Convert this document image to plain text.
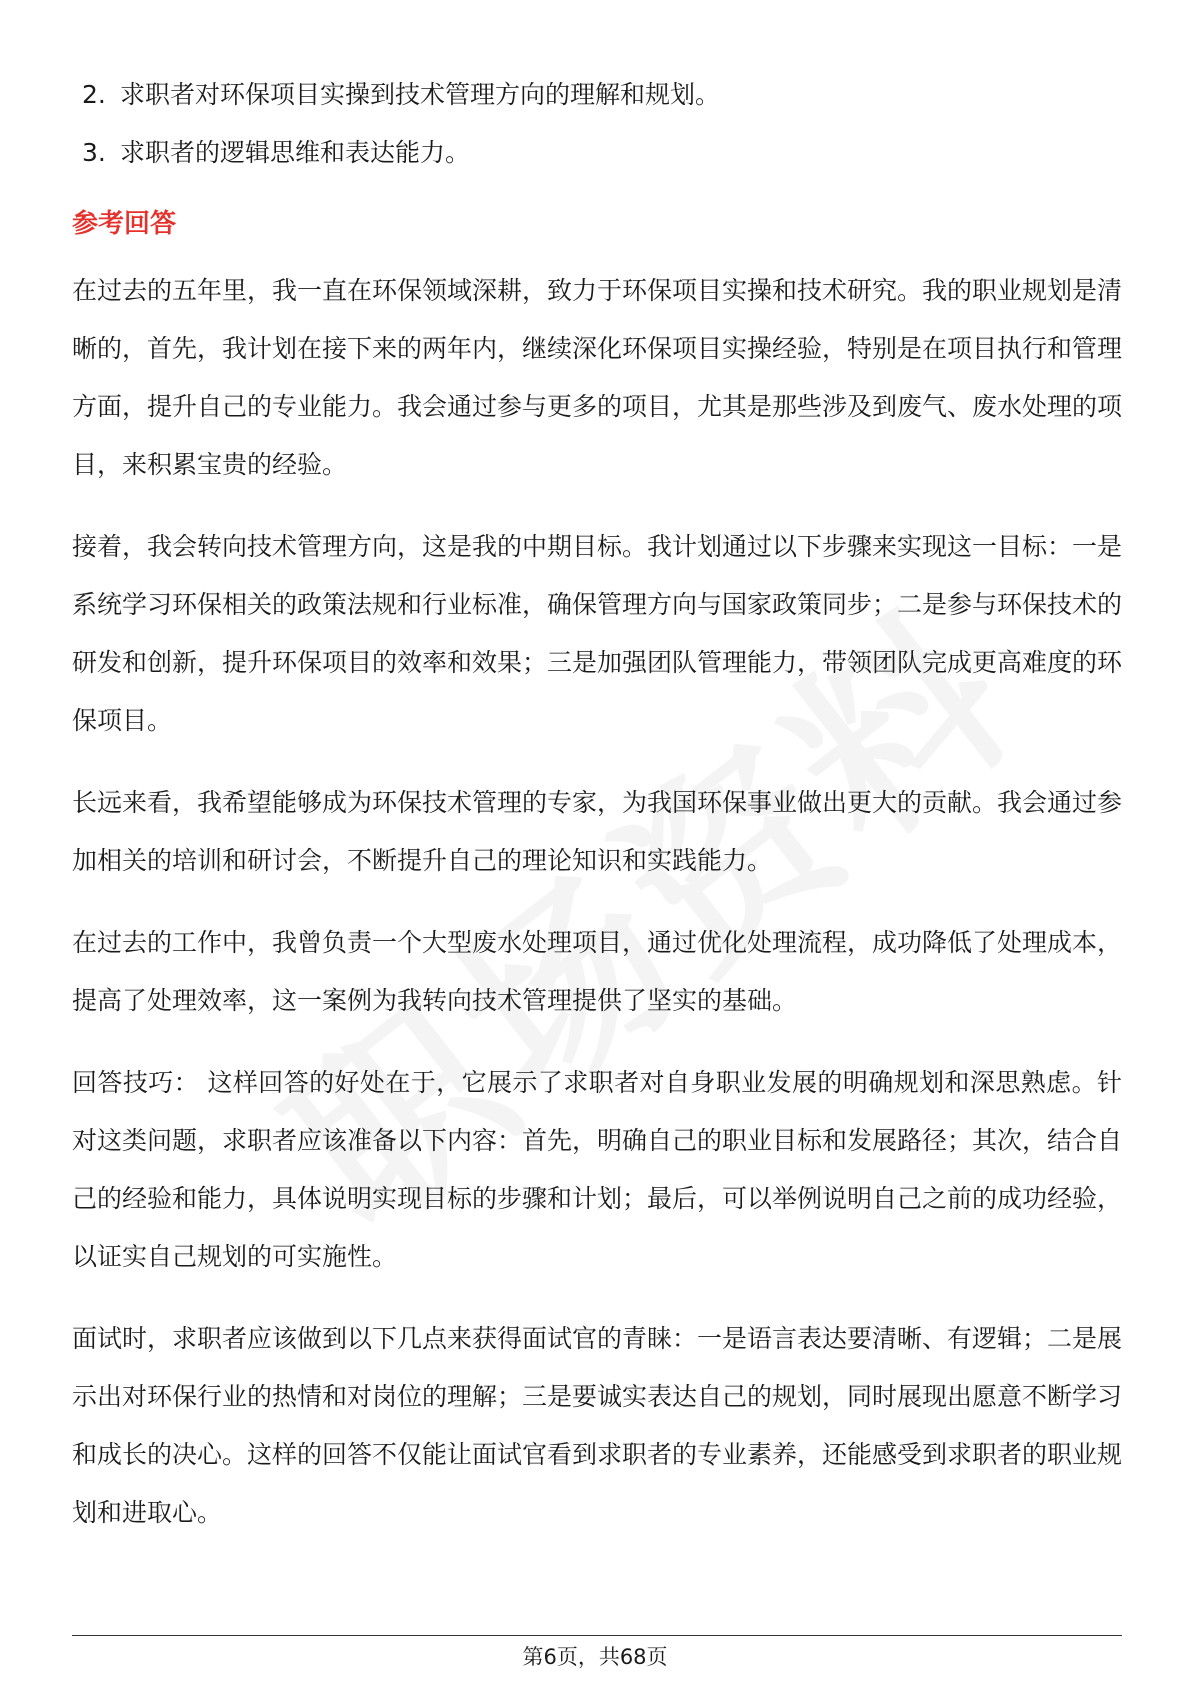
2. 求职者对环保项目实操到技术管理方向的理解和规划。
3. 求职者的逻辑思维和表达能力。
参考回答

在过去的五年里，我一直在环保领域深耕，致力于环保项目实操和技术研究。我的职业规划是清晰的，首先，我计划在接下来的两年内，继续深化环保项目实操经验，特别是在项目执行和管理方面，提升自己的专业能力。我会通过参与更多的项目，尤其是那些涉及到废气、废水处理的项目，来积累宝贵的经验。

接着，我会转向技术管理方向，这是我的中期目标。我计划通过以下步骤来实现这一目标：一是系统学习环保相关的政策法规和行业标准，确保管理方向与国家政策同步；二是参与环保技术的研发和创新，提升环保项目的效率和效果；三是加强团队管理能力，带领团队完成更高难度的环保项目。

长远来看，我希望能够成为环保技术管理的专家，为我国环保事业做出更大的贡献。我会通过参加相关的培训和研讨会，不断提升自己的理论知识和实践能力。

在过去的工作中，我曾负责一个大型废水处理项目，通过优化处理流程，成功降低了处理成本，提高了处理效率，这一案例为我转向技术管理提供了坚实的基础。

回答技巧： 这样回答的好处在于，它展示了求职者对自身职业发展的明确规划和深思熟虑。针对这类问题，求职者应该准备以下内容：首先，明确自己的职业目标和发展路径；其次，结合自己的经验和能力，具体说明实现目标的步骤和计划；最后，可以举例说明自己之前的成功经验，以证实自己规划的可实施性。

面试时，求职者应该做到以下几点来获得面试官的青睐：一是语言表达要清晰、有逻辑；二是展示出对环保行业的热情和对岗位的理解；三是要诚实表达自己的规划，同时展现出愿意不断学习和成长的决心。这样的回答不仅能让面试官看到求职者的专业素养，还能感受到求职者的职业规划和进取心。

第6页，共68页
